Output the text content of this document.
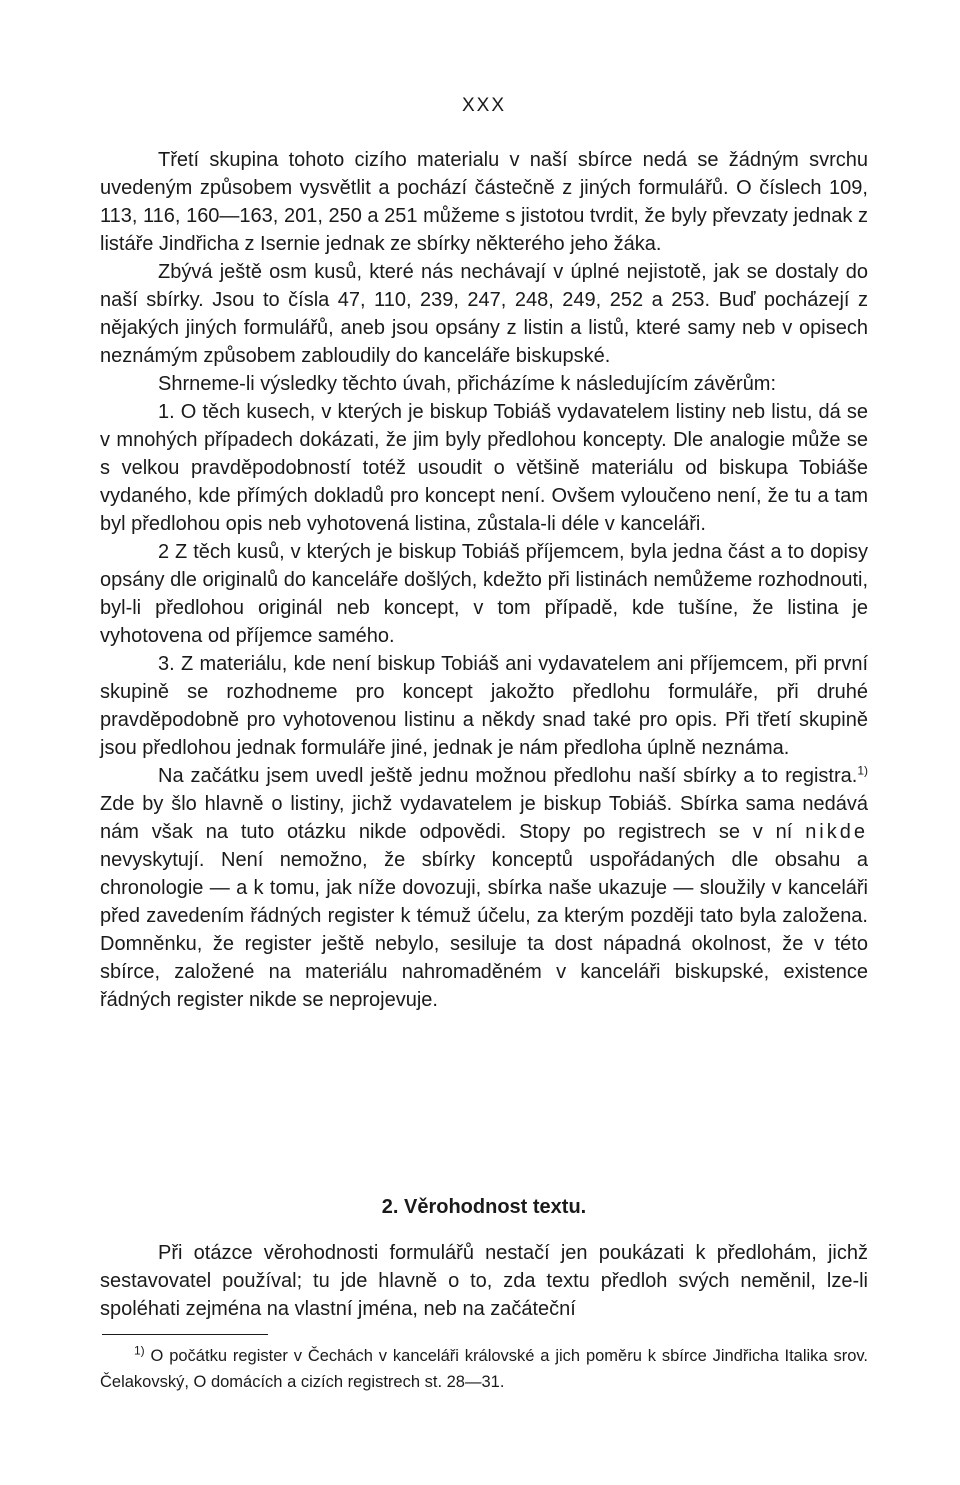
XXX

Třetí skupina tohoto cizího materialu v naší sbírce nedá se žádným svrchu uvedeným způsobem vysvětlit a pochází částečně z jiných formulářů. O číslech 109, 113, 116, 160—163, 201, 250 a 251 můžeme s jistotou tvrdit, že byly převzaty jednak z listáře Jindřicha z Isernie jednak ze sbírky některého jeho žáka.

Zbývá ještě osm kusů, které nás nechávají v úplné nejistotě, jak se dostaly do naší sbírky. Jsou to čísla 47, 110, 239, 247, 248, 249, 252 a 253. Buď pocházejí z nějakých jiných formulářů, aneb jsou opsány z listin a listů, které samy neb v opisech neznámým způsobem zabloudily do kanceláře biskupské.

Shrneme-li výsledky těchto úvah, přicházíme k následujícím závěrům:

1. O těch kusech, v kterých je biskup Tobiáš vydavatelem listiny neb listu, dá se v mnohých případech dokázati, že jim byly předlohou koncepty. Dle analogie může se s velkou pravděpodobností totéž usoudit o většině materiálu od biskupa Tobiáše vydaného, kde přímých dokladů pro koncept není. Ovšem vyloučeno není, že tu a tam byl předlohou opis neb vyhotovená listina, zůstala-li déle v kanceláři.

2 Z těch kusů, v kterých je biskup Tobiáš příjemcem, byla jedna část a to dopisy opsány dle originalů do kanceláře došlých, kdežto při listinách nemůžeme rozhodnouti, byl-li předlohou originál neb koncept, v tom případě, kde tušíne, že listina je vyhotovena od příjemce samého.

3. Z materiálu, kde není biskup Tobiáš ani vydavatelem ani příjemcem, při první skupině se rozhodneme pro koncept jakožto předlohu formuláře, při druhé pravděpodobně pro vyhotovenou listinu a někdy snad také pro opis. Při třetí skupině jsou předlohou jednak formuláře jiné, jednak je nám předloha úplně neznáma.

Na začátku jsem uvedl ještě jednu možnou předlohu naší sbírky a to registra.$^{1)}$ Zde by šlo hlavně o listiny, jichž vydavatelem je biskup Tobiáš. Sbírka sama nedává nám však na tuto otázku nikde odpovědi. Stopy po registrech se v ní nikde nevyskytují. Není nemožno, že sbírky konceptů uspořádaných dle obsahu a chronologie — a k tomu, jak níže dovozuji, sbírka naše ukazuje — sloužily v kanceláři před zavedením řádných register k témuž účelu, za kterým později tato byla založena. Domněnku, že register ještě nebylo, sesiluje ta dost nápadná okolnost, že v této sbírce, založené na materiálu nahromaděném v kanceláři biskupské, existence řádných register nikde se neprojevuje.

2. Věrohodnost textu.

Při otázce věrohodnosti formulářů nestačí jen poukázati k předlohám, jichž sestavovatel používal; tu jde hlavně o to, zda textu předloh svých neměnil, lze-li spoléhati zejména na vlastní jména, neb na začáteční

$^{1)}$ O počátku register v Čechách v kanceláři královské a jich poměru k sbírce Jindřicha Italika srov. Čelakovský, O domácích a cizích registrech st. 28—31.
